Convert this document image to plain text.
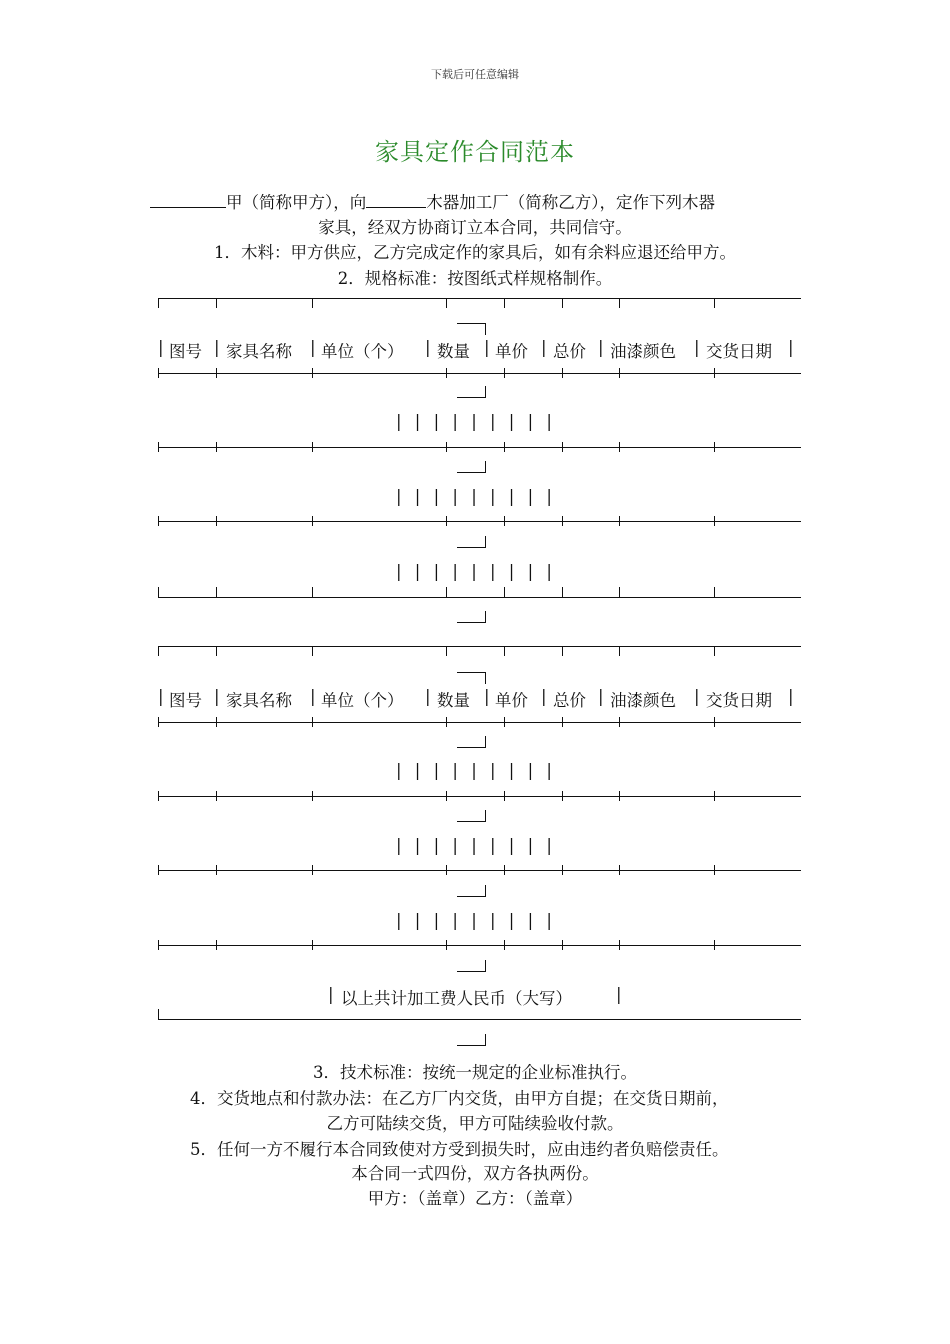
下载后可任意编辑
家具定作合同范本
甲（简称甲方），向	木器加工厂（简称乙方），定作下列木器
家具，经双方协商订立本合同，共同信守。
1．木料：甲方供应，乙方完成定作的家具后，如有余料应退还给甲方。
2．规格标准：按图纸式样规格制作。
| 图号 | 家具名称 | 单位（个） | 数量 | 单价 | 总价 | 油漆颜色 | 交货日期 |
| | | | | | | | |
| | | | | | | | |
| | | | | | | | |
| 图号 | 家具名称 | 单位（个） | 数量 | 单价 | 总价 | 油漆颜色 | 交货日期 |
| | | | | | | | |
| | | | | | | | |
| | | | | | | | |
| 以上共计加工费人民币（大写）	|
3．技术标准：按统一规定的企业标准执行。
4．交货地点和付款办法：在乙方厂内交货，由甲方自提；在交货日期前，
乙方可陆续交货，甲方可陆续验收付款。
5．任何一方不履行本合同致使对方受到损失时，应由违约者负赔偿责任。
本合同一式四份，双方各执两份。
甲方：（盖章）乙方：（盖章）
